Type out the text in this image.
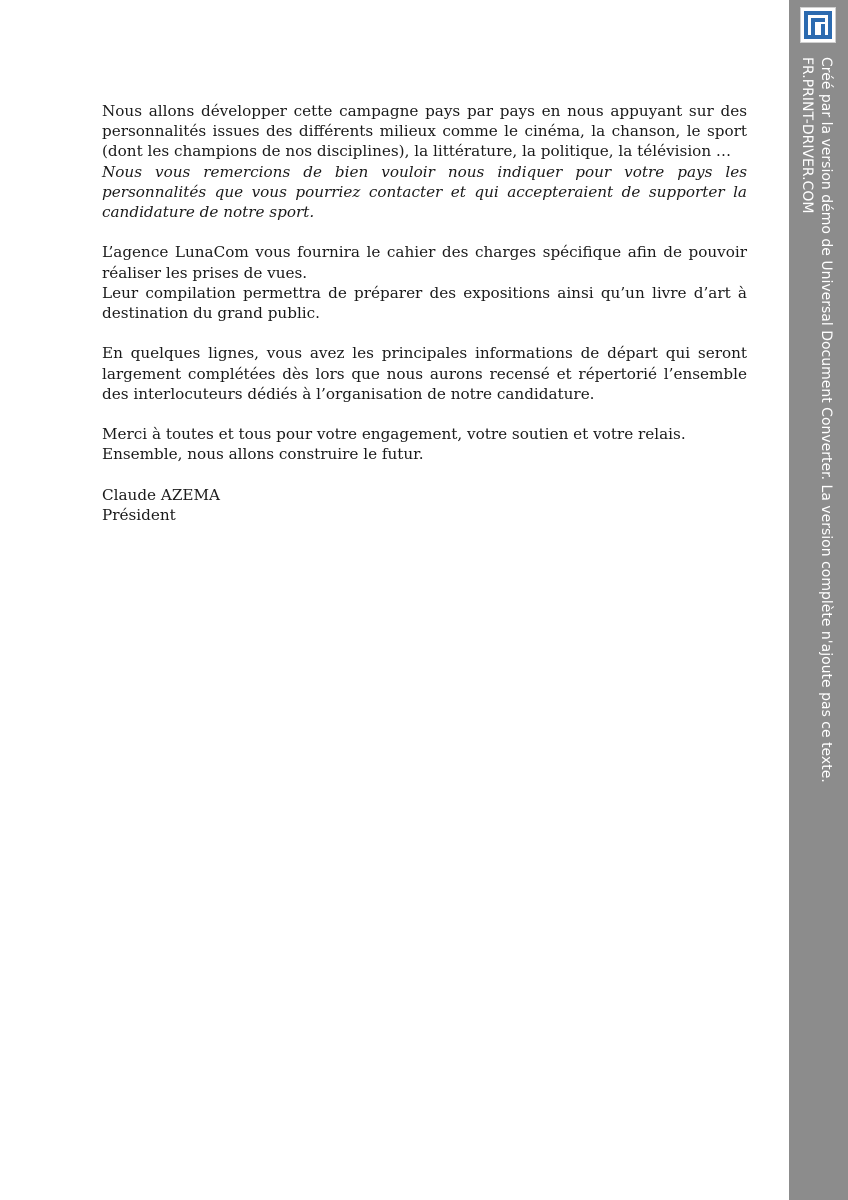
Nous allons développer cette campagne pays par pays en nous appuyant sur des personnalités issues des différents milieux comme le cinéma, la chanson, le sport (dont les champions de nos disciplines), la littérature, la politique, la télévision …
Nous vous remercions de bien vouloir nous indiquer pour votre pays les personnalités que vous pourriez contacter et qui accepteraient de supporter la candidature de notre sport.

L’agence LunaCom vous fournira le cahier des charges spécifique afin de pouvoir réaliser les prises de vues.

Leur compilation permettra de préparer des expositions ainsi qu’un livre d’art à destination du grand public.

En quelques lignes, vous avez les principales informations de départ qui seront largement complétées dès lors que nous aurons recensé et répertorié l’ensemble des interlocuteurs dédiés à l’organisation de notre candidature.

Merci à toutes et tous pour votre engagement, votre soutien et votre relais.

Ensemble, nous allons construire le futur.

Claude AZEMA

Président	Créé par la version démo de Universal Document Converter. La version complète n'ajoute pas ce texte.
FR.PRINT-DRIVER.COM
